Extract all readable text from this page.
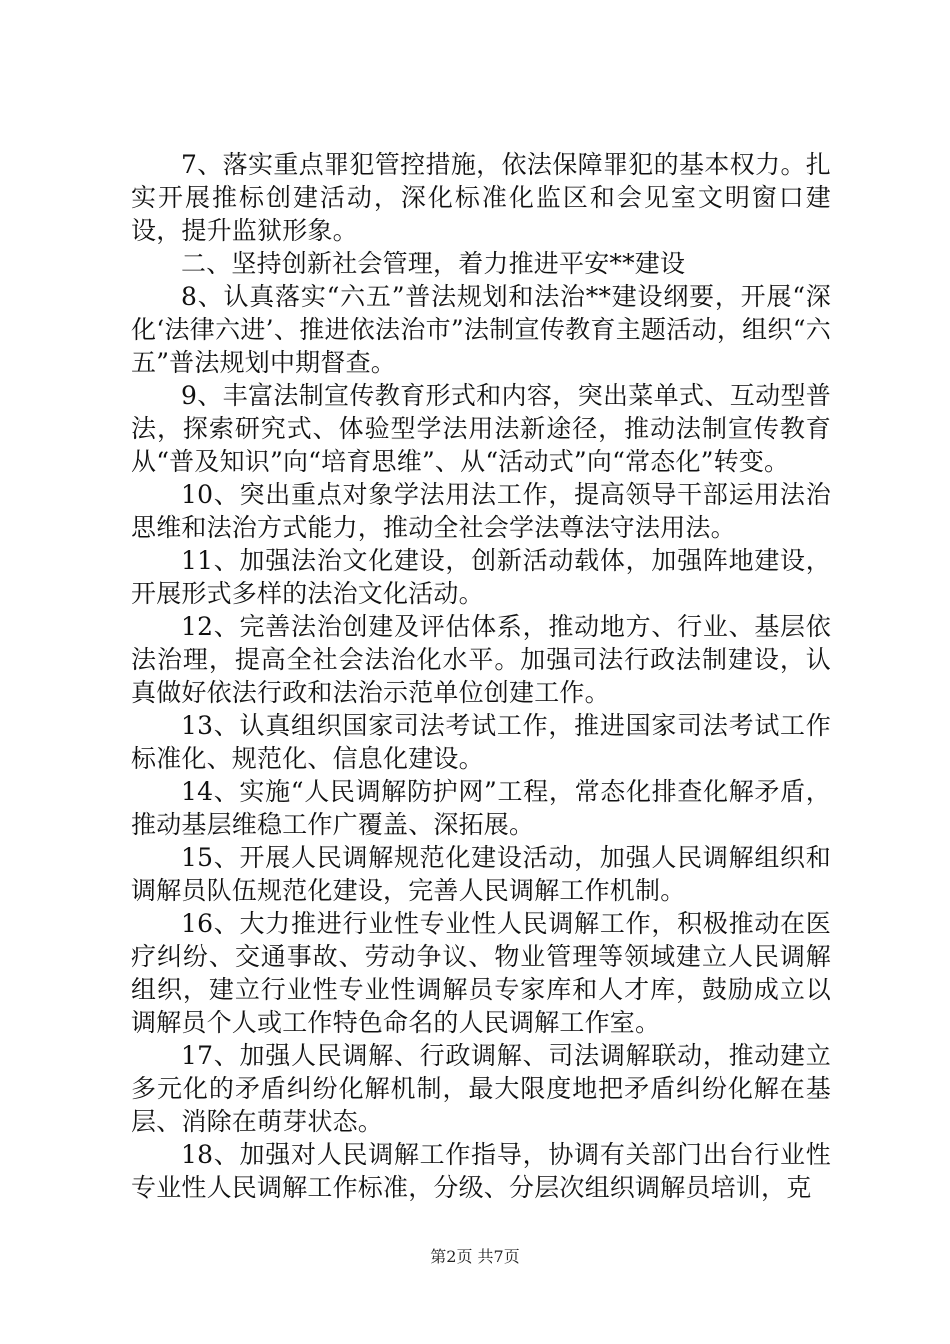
7、落实重点罪犯管控措施，依法保障罪犯的基本权力。扎实开展推标创建活动，深化标准化监区和会见室文明窗口建设，提升监狱形象。

二、坚持创新社会管理，着力推进平安**建设

8、认真落实“六五”普法规划和法治**建设纲要，开展“深化‘法律六进’、推进依法治市”法制宣传教育主题活动，组织“六五”普法规划中期督查。

9、丰富法制宣传教育形式和内容，突出菜单式、互动型普法，探索研究式、体验型学法用法新途径，推动法制宣传教育从“普及知识”向“培育思维”、从“活动式”向“常态化”转变。

10、突出重点对象学法用法工作，提高领导干部运用法治思维和法治方式能力，推动全社会学法尊法守法用法。

11、加强法治文化建设，创新活动载体，加强阵地建设，开展形式多样的法治文化活动。

12、完善法治创建及评估体系，推动地方、行业、基层依法治理，提高全社会法治化水平。加强司法行政法制建设，认真做好依法行政和法治示范单位创建工作。

13、认真组织国家司法考试工作，推进国家司法考试工作标准化、规范化、信息化建设。

14、实施“人民调解防护网”工程，常态化排查化解矛盾，推动基层维稳工作广覆盖、深拓展。

15、开展人民调解规范化建设活动，加强人民调解组织和调解员队伍规范化建设，完善人民调解工作机制。

16、大力推进行业性专业性人民调解工作，积极推动在医疗纠纷、交通事故、劳动争议、物业管理等领域建立人民调解组织，建立行业性专业性调解员专家库和人才库，鼓励成立以调解员个人或工作特色命名的人民调解工作室。

17、加强人民调解、行政调解、司法调解联动，推动建立多元化的矛盾纠纷化解机制，最大限度地把矛盾纠纷化解在基层、消除在萌芽状态。

18、加强对人民调解工作指导，协调有关部门出台行业性专业性人民调解工作标准，分级、分层次组织调解员培训，克

第2页 共7页
